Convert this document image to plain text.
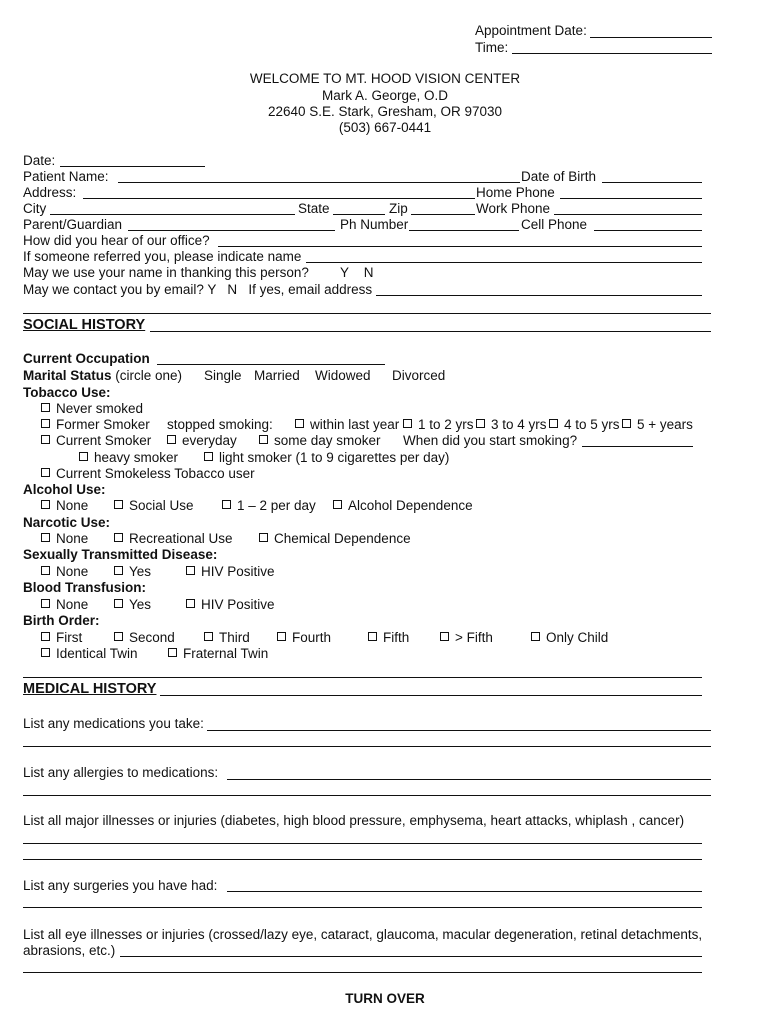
Appointment Date:
Time:
WELCOME TO MT. HOOD VISION CENTER
Mark A. George, O.D
22640 S.E. Stark, Gresham, OR 97030
(503) 667-0441
Date:
Patient Name:	Date of Birth
Address:	Home Phone
City	State	Zip	Work Phone
Parent/Guardian	Ph Number	Cell Phone
How did you hear of our office?
If someone referred you, please indicate name
May we use your name in thanking this person? Y    N
May we contact you by email? Y   N   If yes, email address
SOCIAL HISTORY
Current Occupation
Marital Status (circle one) Single Married Widowed Divorced
Tobacco Use:
Never smoked
Former Smoker stopped smoking:	within last year	1 to 2 yrs	3 to 4 yrs	4 to 5 yrs	5 + years
Current Smoker	everyday	some day smoker When did you start smoking?
heavy smoker	light smoker (1 to 9 cigarettes per day)
Current Smokeless Tobacco user
Alcohol Use:
None	Social Use	1 – 2 per day	Alcohol Dependence
Narcotic Use:
None	Recreational Use	Chemical Dependence
Sexually Transmitted Disease:
None	Yes	HIV Positive
Blood Transfusion:
None	Yes	HIV Positive
Birth Order:
First	Second	Third	Fourth	Fifth	> Fifth	Only Child
Identical Twin	Fraternal Twin
MEDICAL HISTORY
List any medications you take:
List any allergies to medications:
List all major illnesses or injuries (diabetes, high blood pressure, emphysema, heart attacks, whiplash , cancer)
List any surgeries you have had:
List all eye illnesses or injuries (crossed/lazy eye, cataract, glaucoma, macular degeneration, retinal detachments,
abrasions, etc.)
TURN OVER
